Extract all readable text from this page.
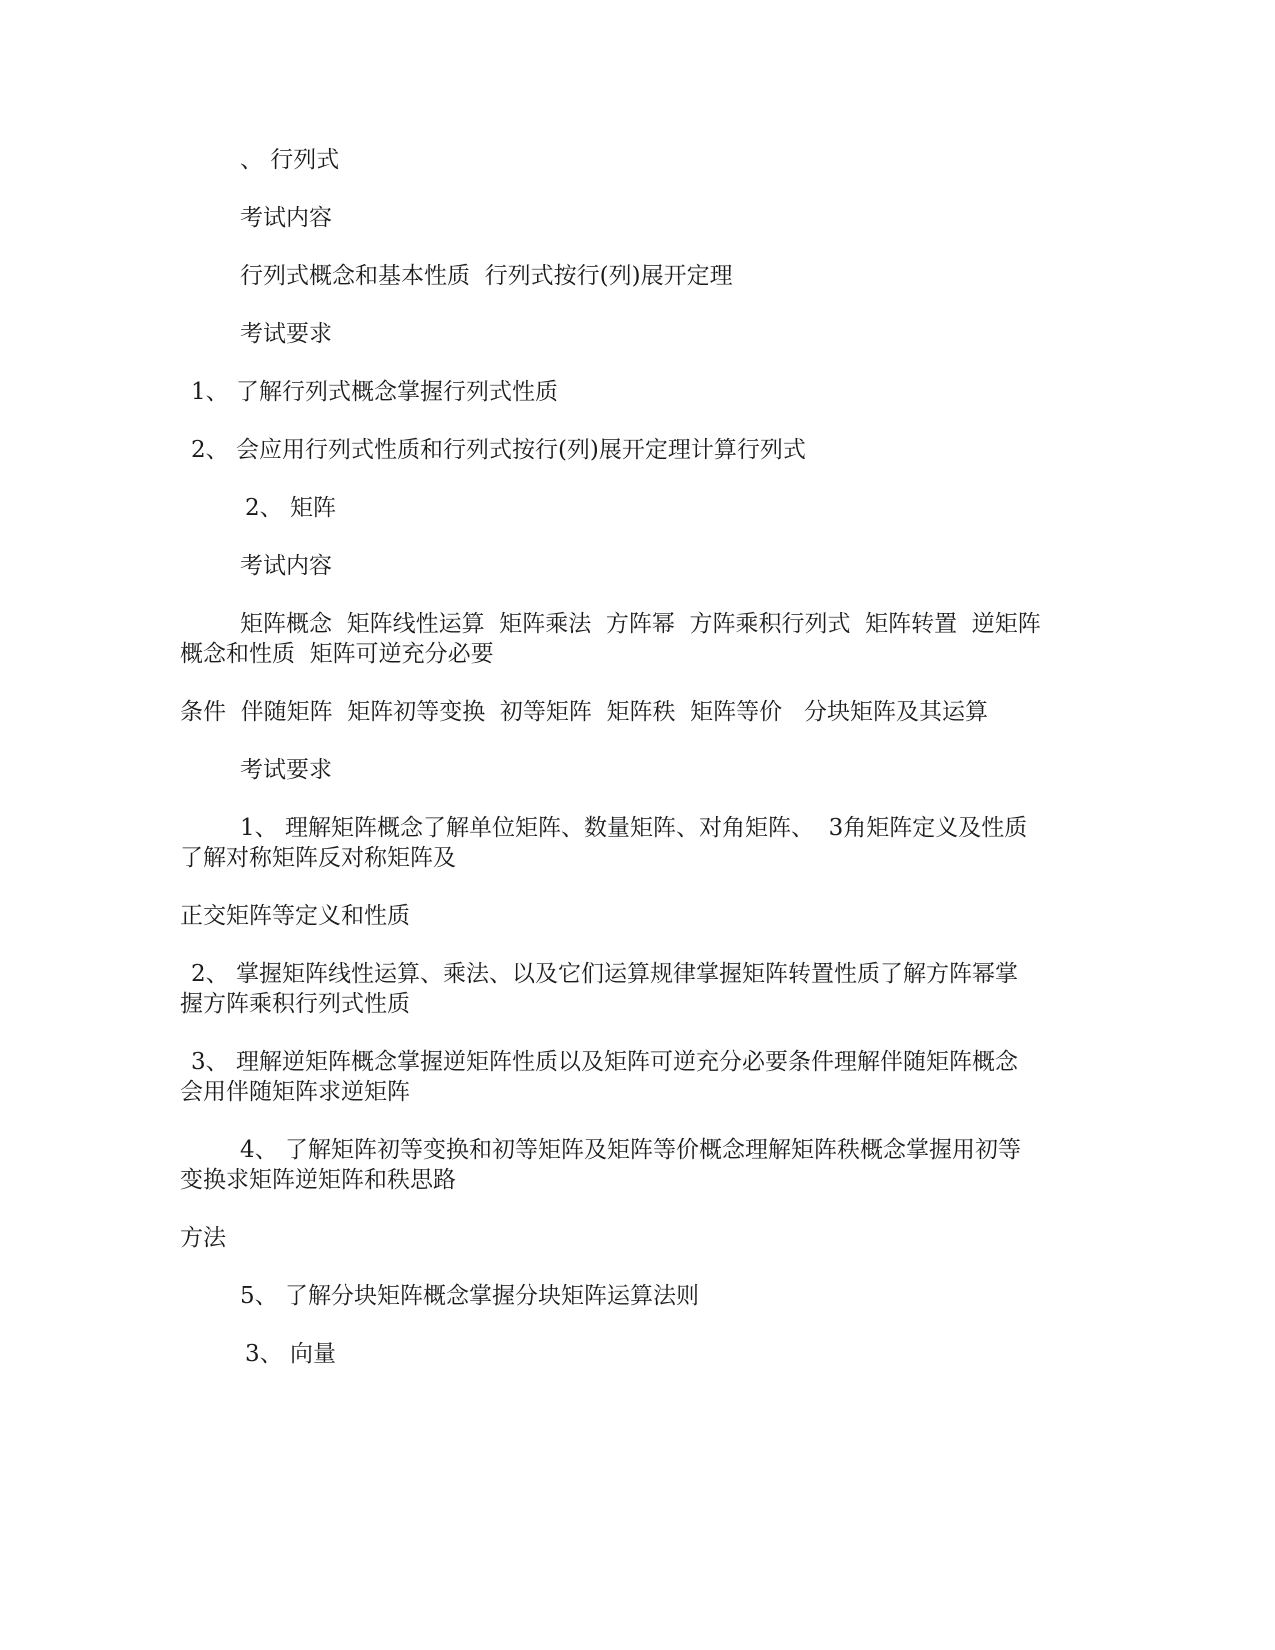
、 行列式

考试内容

行列式概念和基本性质  行列式按行(列)展开定理

考试要求

1、 了解行列式概念掌握行列式性质

2、 会应用行列式性质和行列式按行(列)展开定理计算行列式

2、 矩阵

考试内容

矩阵概念  矩阵线性运算  矩阵乘法  方阵幂  方阵乘积行列式  矩阵转置  逆矩阵

概念和性质  矩阵可逆充分必要

条件  伴随矩阵  矩阵初等变换  初等矩阵  矩阵秩  矩阵等价   分块矩阵及其运算

考试要求

1、 理解矩阵概念了解单位矩阵、数量矩阵、对角矩阵、  3角矩阵定义及性质

了解对称矩阵反对称矩阵及

正交矩阵等定义和性质

2、 掌握矩阵线性运算、乘法、以及它们运算规律掌握矩阵转置性质了解方阵幂掌

握方阵乘积行列式性质

3、 理解逆矩阵概念掌握逆矩阵性质以及矩阵可逆充分必要条件理解伴随矩阵概念

会用伴随矩阵求逆矩阵

4、 了解矩阵初等变换和初等矩阵及矩阵等价概念理解矩阵秩概念掌握用初等

变换求矩阵逆矩阵和秩思路

方法

5、 了解分块矩阵概念掌握分块矩阵运算法则

3、 向量
